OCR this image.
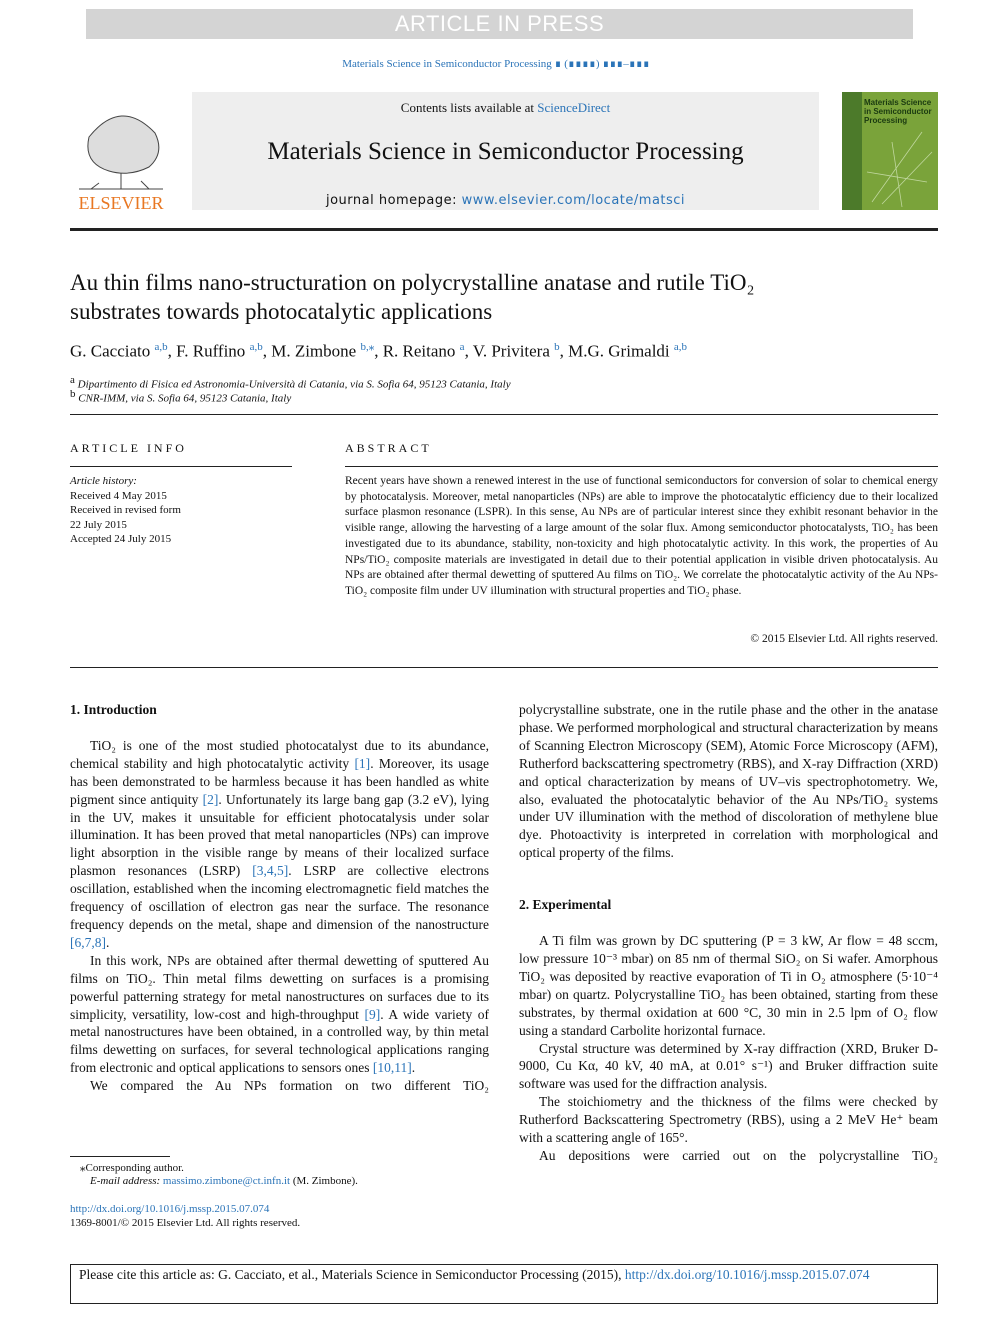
ARTICLE IN PRESS
Materials Science in Semiconductor Processing ∎ (∎∎∎∎) ∎∎∎–∎∎∎
ELSEVIER
Contents lists available at ScienceDirect
Materials Science in Semiconductor Processing
journal homepage: www.elsevier.com/locate/matsci
Materials Science in Semiconductor Processing
Au thin films nano-structuration on polycrystalline anatase and rutile TiO₂
substrates towards photocatalytic applications
G. Cacciato $^{a,b}$, F. Ruffino $^{a,b}$, M. Zimbone $^{b,⁎}$, R. Reitano $^a$, V. Privitera $^b$, M.G. Grimaldi $^{a,b}$
a Dipartimento di Fisica ed Astronomia-Università di Catania, via S. Sofia 64, 95123 Catania, Italy
b CNR-IMM, via S. Sofia 64, 95123 Catania, Italy
ARTICLE INFO
Article history:
Received 4 May 2015
Received in revised form
22 July 2015
Accepted 24 July 2015
ABSTRACT
Recent years have shown a renewed interest in the use of functional semiconductors for conversion of solar to chemical energy by photocatalysis. Moreover, metal nanoparticles (NPs) are able to improve the photocatalytic efficiency due to their localized surface plasmon resonance (LSPR). In this sense, Au NPs are of particular interest since they exhibit resonant behavior in the visible range, allowing the harvesting of a large amount of the solar flux. Among semiconductor photocatalysts, TiO₂ has been investigated due to its abundance, stability, non-toxicity and high photocatalytic activity. In this work, the properties of Au NPs/TiO₂ composite materials are investigated in detail due to their potential application in visible driven photocatalysis. Au NPs are obtained after thermal dewetting of sputtered Au films on TiO₂. We correlate the photocatalytic activity of the Au NPs-TiO₂ composite film under UV illumination with structural properties and TiO₂ phase.
© 2015 Elsevier Ltd. All rights reserved.
1. Introduction

TiO₂ is one of the most studied photocatalyst due to its abundance, chemical stability and high photocatalytic activity [1]. Moreover, its usage has been demonstrated to be harmless because it has been handled as white pigment since antiquity [2]. Unfortunately its large bang gap (3.2 eV), lying in the UV, makes it unsuitable for efficient photocatalysis under solar illumination. It has been proved that metal nanoparticles (NPs) can improve light absorption in the visible range by means of their localized surface plasmon resonances (LSRP) [3,4,5]. LSRP are collective electrons oscillation, established when the incoming electromagnetic field matches the frequency of oscillation of electron gas near the surface. The resonance frequency depends on the metal, shape and dimension of the nanostructure [6,7,8].

In this work, NPs are obtained after thermal dewetting of sputtered Au films on TiO₂. Thin metal films dewetting on surfaces is a promising powerful patterning strategy for metal nanostructures on surfaces due to its simplicity, versatility, low-cost and high-throughput [9]. A wide variety of metal nanostructures have been obtained, in a controlled way, by thin metal films dewetting on surfaces, for several technological applications ranging from electronic and optical applications to sensors ones [10,11].

We compared the Au NPs formation on two different TiO₂

⁎Corresponding author.
E-mail address: massimo.zimbone@ct.infn.it (M. Zimbone).
http://dx.doi.org/10.1016/j.mssp.2015.07.074
1369-8001/© 2015 Elsevier Ltd. All rights reserved.

polycrystalline substrate, one in the rutile phase and the other in the anatase phase. We performed morphological and structural characterization by means of Scanning Electron Microscopy (SEM), Atomic Force Microscopy (AFM), Rutherford backscattering spectrometry (RBS), and X-ray Diffraction (XRD) and optical characterization by means of UV–vis spectrophotometry. We, also, evaluated the photocatalytic behavior of the Au NPs/TiO₂ systems under UV illumination with the method of discoloration of methylene blue dye. Photoactivity is interpreted in correlation with morphological and optical property of the films.

2. Experimental

A Ti film was grown by DC sputtering (P = 3 kW, Ar flow = 48 sccm, low pressure 10⁻³ mbar) on 85 nm of thermal SiO₂ on Si wafer. Amorphous TiO₂ was deposited by reactive evaporation of Ti in O₂ atmosphere (5·10⁻⁴ mbar) on quartz. Polycrystalline TiO₂ has been obtained, starting from these substrates, by thermal oxidation at 600 °C, 30 min in 2.5 lpm of O₂ flow using a standard Carbolite horizontal furnace.

Crystal structure was determined by X-ray diffraction (XRD, Bruker D-9000, Cu Kα, 40 kV, 40 mA, at 0.01° s⁻¹) and Bruker diffraction suite software was used for the diffraction analysis.

The stoichiometry and the thickness of the films were checked by Rutherford Backscattering Spectrometry (RBS), using a 2 MeV He⁺ beam with a scattering angle of 165°.

Au depositions were carried out on the polycrystalline TiO₂

Please cite this article as: G. Cacciato, et al., Materials Science in Semiconductor Processing (2015), http://dx.doi.org/10.1016/j.mssp.2015.07.074
